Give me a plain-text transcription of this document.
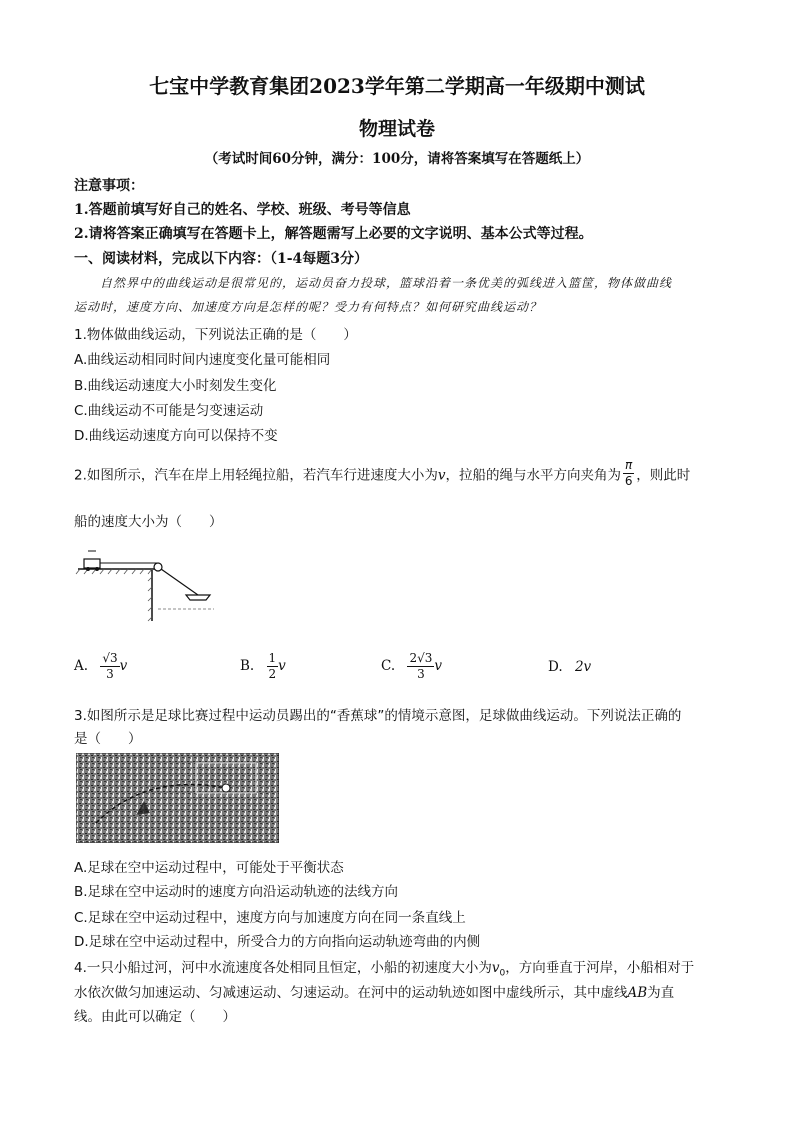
七宝中学教育集团2023学年第二学期高一年级期中测试
物理试卷
（考试时间60分钟，满分：100分，请将答案填写在答题纸上）
注意事项：
1.答题前填写好自己的姓名、学校、班级、考号等信息
2.请将答案正确填写在答题卡上，解答题需写上必要的文字说明、基本公式等过程。
一、阅读材料，完成以下内容：（1-4每题3分）
自然界中的曲线运动是很常见的，运动员奋力投球，篮球沿着一条优美的弧线进入篮筐，物体做曲线
运动时，速度方向、加速度方向是怎样的呢？受力有何特点？如何研究曲线运动？
1.物体做曲线运动，下列说法正确的是（　　）
A.曲线运动相同时间内速度变化量可能相同
B.曲线运动速度大小时刻发生变化
C.曲线运动不可能是匀变速运动
D.曲线运动速度方向可以保持不变
2.如图所示，汽车在岸上用轻绳拉船，若汽车行进速度大小为v，拉船的绳与水平方向夹角为 $\frac{\pi}{6}$ ，则此时
船的速度大小为（　　）
A. $\frac{√3}{3}$ v	B. $\frac{1}{2}$ v	C. $\frac{2√3}{3}$ v	D. 2v
3.如图所示是足球比赛过程中运动员踢出的“香蕉球”的情境示意图，足球做曲线运动。下列说法正确的
是（　　）
A.足球在空中运动过程中，可能处于平衡状态
B.足球在空中运动时的速度方向沿运动轨迹的法线方向
C.足球在空中运动过程中，速度方向与加速度方向在同一条直线上
D.足球在空中运动过程中，所受合力的方向指向运动轨迹弯曲的内侧
4.一只小船过河，河中水流速度各处相同且恒定，小船的初速度大小为$v_0$，方向垂直于河岸，小船相对于
水依次做匀加速运动、匀减速运动、匀速运动。在河中的运动轨迹如图中虚线所示，其中虚线AB为直
线。由此可以确定（　　）
